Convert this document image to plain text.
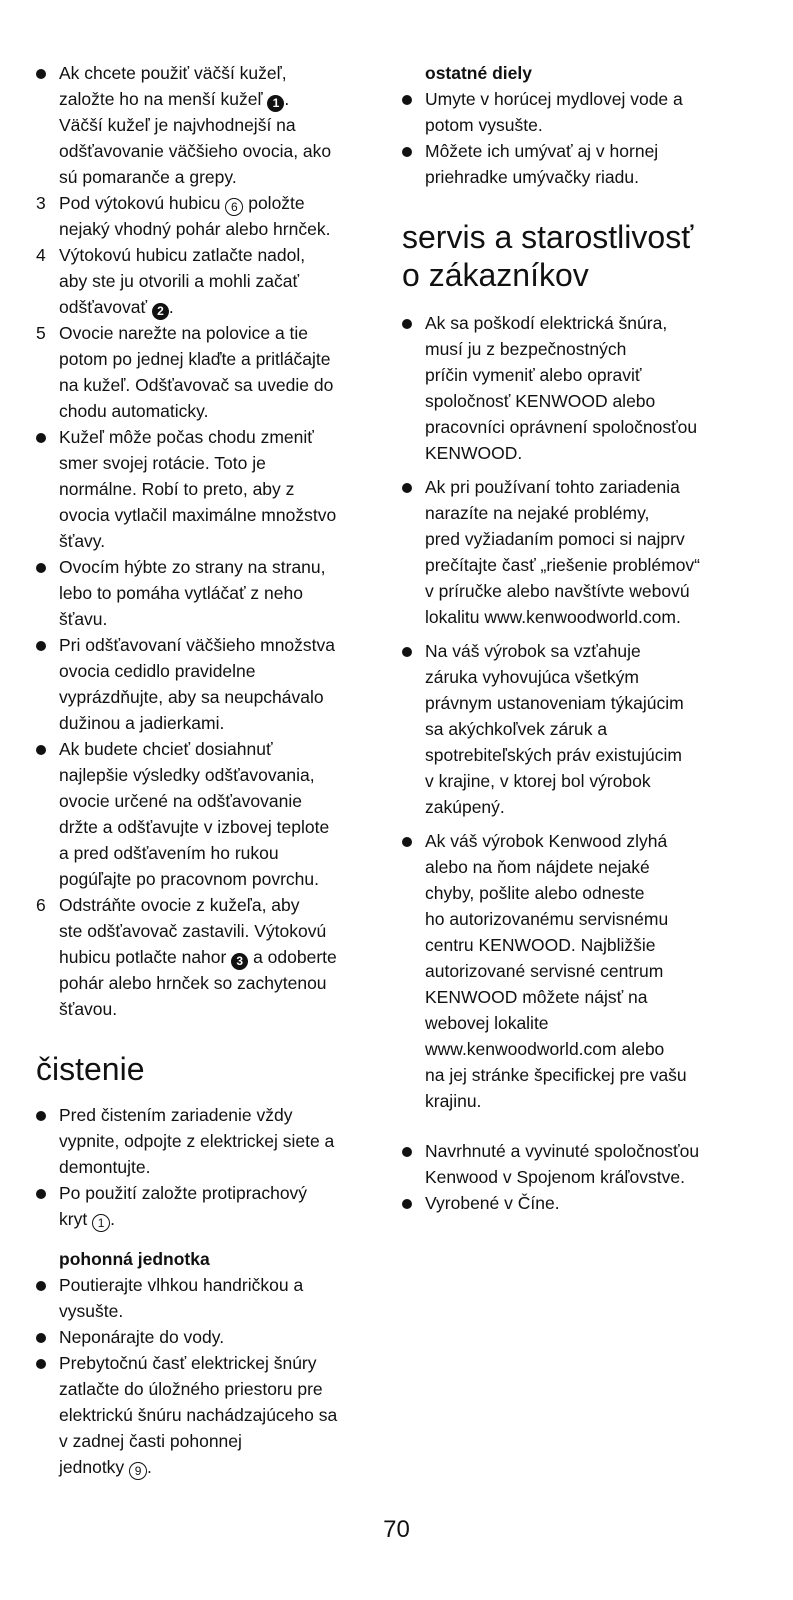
Ak chcete použiť väčší kužeľ,
založte ho na menší kužeľ 1 .
Väčší kužeľ je najvhodnejší na
odšťavovanie väčšieho ovocia, ako
sú pomaranče a grepy.
3 Pod výtokovú hubicu 6 položte
nejaký vhodný pohár alebo hrnček.
4 Výtokovú hubicu zatlačte nadol,
aby ste ju otvorili a mohli začať
odšťavovať 2 .
5 Ovocie narežte na polovice a tie
potom po jednej klaďte a pritláčajte
na kužeľ. Odšťavovač sa uvedie do
chodu automaticky.
Kužeľ môže počas chodu zmeniť
smer svojej rotácie. Toto je
normálne. Robí to preto, aby z
ovocia vytlačil maximálne množstvo
šťavy.
Ovocím hýbte zo strany na stranu,
lebo to pomáha vytláčať z neho
šťavu.
Pri odšťavovaní väčšieho množstva
ovocia cedidlo pravidelne
vyprázdňujte, aby sa neupchávalo
dužinou a jadierkami.
Ak budete chcieť dosiahnuť
najlepšie výsledky odšťavovania,
ovocie určené na odšťavovanie
držte a odšťavujte v izbovej teplote
a pred odšťavením ho rukou
pogúľajte po pracovnom povrchu.
6 Odstráňte ovocie z kužeľa, aby
ste odšťavovač zastavili. Výtokovú
hubicu potlačte nahor 3 a odoberte
pohár alebo hrnček so zachytenou
šťavou.
čistenie
Pred čistením zariadenie vždy
vypnite, odpojte z elektrickej siete a
demontujte.
Po použití založte protiprachový
kryt 1 .
pohonná jednotka
Poutierajte vlhkou handričkou a
vysušte.
Neponárajte do vody.
Prebytočnú časť elektrickej šnúry
zatlačte do úložného priestoru pre
elektrickú šnúru nachádzajúceho sa
v zadnej časti pohonnej
jednotky 9 .
ostatné diely
Umyte v horúcej mydlovej vode a
potom vysušte.
Môžete ich umývať aj v hornej
priehradke umývačky riadu.
servis a starostlivosť
o zákazníkov
Ak sa poškodí elektrická šnúra,
musí ju z bezpečnostných
príčin vymeniť alebo opraviť
spoločnosť KENWOOD alebo
pracovníci oprávnení spoločnosťou
KENWOOD.
Ak pri používaní tohto zariadenia
narazíte na nejaké problémy,
pred vyžiadaním pomoci si najprv
prečítajte časť „riešenie problémov“
v príručke alebo navštívte webovú
lokalitu www.kenwoodworld.com.
Na váš výrobok sa vzťahuje
záruka vyhovujúca všetkým
právnym ustanoveniam týkajúcim
sa akýchkoľvek záruk a
spotrebiteľských práv existujúcim
v krajine, v ktorej bol výrobok
zakúpený.
Ak váš výrobok Kenwood zlyhá
alebo na ňom nájdete nejaké
chyby, pošlite alebo odneste
ho autorizovanému servisnému
centru KENWOOD. Najbližšie
autorizované servisné centrum
KENWOOD môžete nájsť na
webovej lokalite
www.kenwoodworld.com alebo
na jej stránke špecifickej pre vašu
krajinu.
Navrhnuté a vyvinuté spoločnosťou
Kenwood v Spojenom kráľovstve.
Vyrobené v Číne.
70
